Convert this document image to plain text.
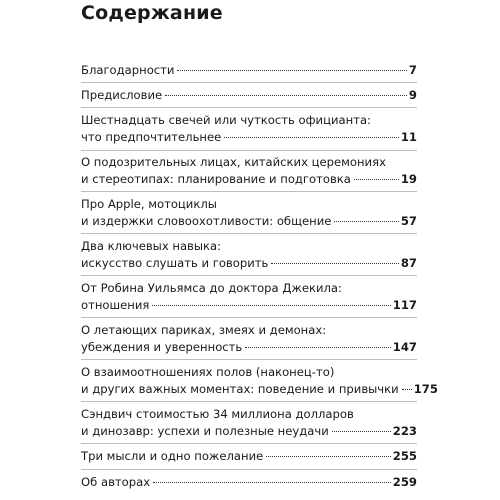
Содержание
Благодарности	7
Предисловие	9
Шестнадцать свечей или чуткость официанта:
что предпочтительнее	11
О подозрительных лицах, китайских церемониях
и стереотипах: планирование и подготовка	19
Про Apple, мотоциклы
и издержки словоохотливости: общение	57
Два ключевых навыка:
искусство слушать и говорить	87
От Робина Уильямса до доктора Джекила:
отношения	117
О летающих париках, змеях и демонах:
убеждения и уверенность	147
О взаимоотношениях полов (наконец-то)
и других важных моментах: поведение и привычки 175
Сэндвич стоимостью 34 миллиона долларов
и динозавр: успехи и полезные неудачи	223
Три мысли и одно пожелание	255
Об авторах	259
